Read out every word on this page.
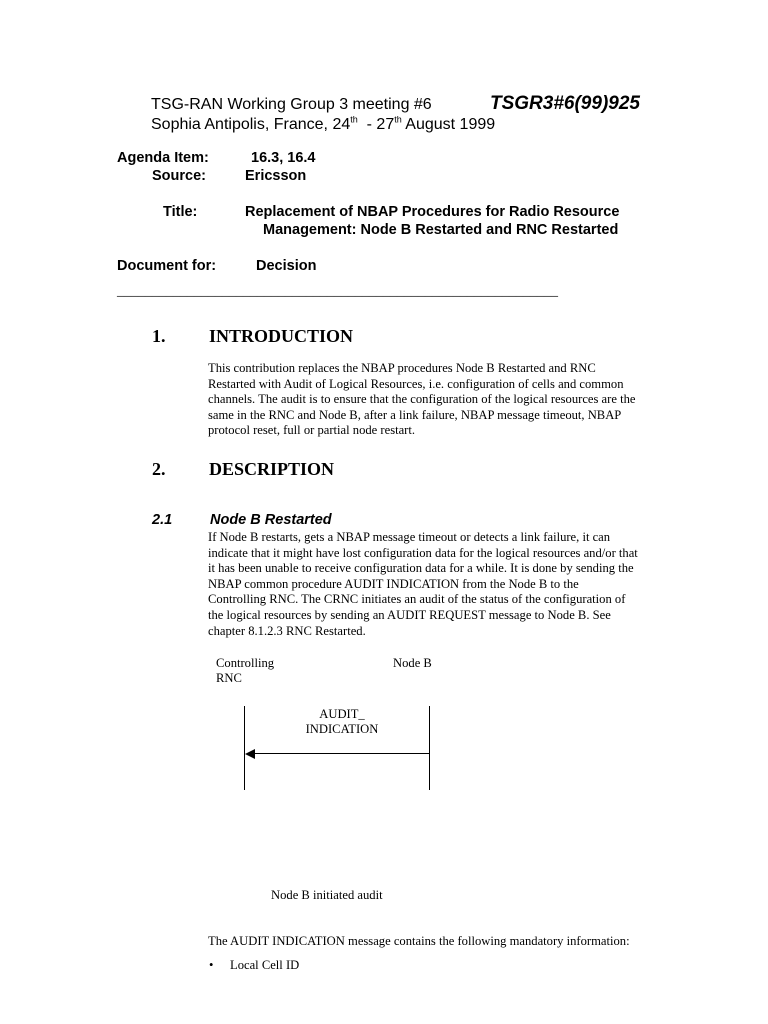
TSG-RAN Working Group 3 meeting #6	TSGR3#6(99)925
Sophia Antipolis, France, 24th  - 27th August 1999
Agenda Item:	16.3, 16.4
Source:	Ericsson
Title:	Replacement of NBAP Procedures for Radio Resource
Management: Node B Restarted and RNC Restarted
Document for:	Decision
_______________________________________________________________
1. INTRODUCTION
This contribution replaces the NBAP procedures Node B Restarted and RNC
Restarted with Audit of Logical Resources, i.e. configuration of cells and common
channels. The audit is to ensure that the configuration of the logical resources are the
same in the RNC and Node B, after a link failure, NBAP message timeout, NBAP
protocol reset, full or partial node restart.
2. DESCRIPTION
2.1	Node B Restarted
If Node B restarts, gets a NBAP message timeout or detects a link failure, it can
indicate that it might have lost configuration data for the logical resources and/or that
it has been unable to receive configuration data for a while. It is done by sending the
NBAP common procedure AUDIT INDICATION from the Node B to the
Controlling RNC. The CRNC initiates an audit of the status of the configuration of
the logical resources by sending an AUDIT REQUEST message to Node B. See
chapter 8.1.2.3 RNC Restarted.
Controlling
RNC
Node B
AUDIT_
INDICATION
Node B initiated audit
The AUDIT INDICATION message contains the following mandatory information:
• Local Cell ID
